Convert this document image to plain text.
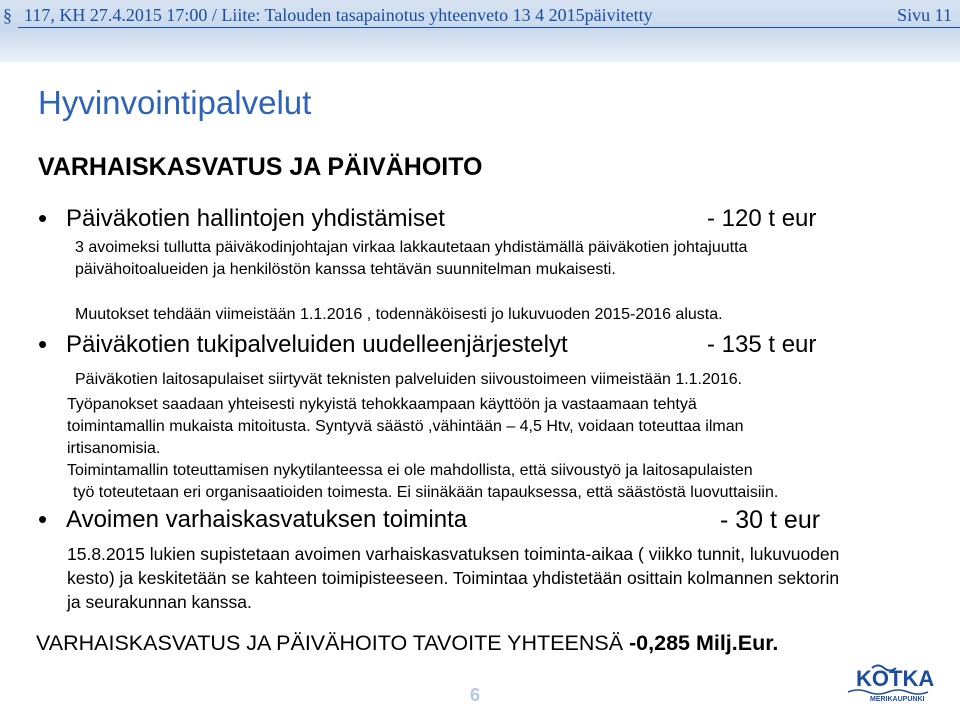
§ 117, KH 27.4.2015 17:00 / Liite: Talouden tasapainotus yhteenveto 13 4 2015päivitetty	Sivu 11
Hyvinvointipalvelut
VARHAISKASVATUS JA PÄIVÄHOITO
• Päiväkotien hallintojen yhdistämiset	- 120 t eur
3 avoimeksi tullutta päiväkodinjohtajan virkaa lakkautetaan yhdistämällä päiväkotien johtajuutta
päivähoitoalueiden ja henkilöstön kanssa tehtävän suunnitelman mukaisesti.
Muutokset tehdään viimeistään 1.1.2016 , todennäköisesti jo lukuvuoden 2015-2016 alusta.
• Päiväkotien tukipalveluiden uudelleenjärjestelyt	- 135 t eur
Päiväkotien laitosapulaiset siirtyvät teknisten palveluiden siivoustoimeen viimeistään 1.1.2016.
Työpanokset saadaan yhteisesti nykyistä tehokkaampaan käyttöön ja vastaamaan tehtyä
toimintamallin mukaista mitoitusta. Syntyvä säästö ,vähintään – 4,5 Htv, voidaan toteuttaa ilman
irtisanomisia.
Toimintamallin toteuttamisen nykytilanteessa ei ole mahdollista, että siivoustyö ja laitosapulaisten
työ toteutetaan eri organisaatioiden toimesta. Ei siinäkään tapauksessa, että säästöstä luovuttaisiin.
• Avoimen varhaiskasvatuksen toiminta	- 30 t eur
15.8.2015 lukien supistetaan avoimen varhaiskasvatuksen toiminta-aikaa ( viikko tunnit, lukuvuoden
kesto) ja keskitetään se kahteen toimipisteeseen. Toimintaa yhdistetään osittain kolmannen sektorin
ja seurakunnan kanssa.
VARHAISKASVATUS JA PÄIVÄHOITO TAVOITE YHTEENSÄ -0,285 Milj.Eur.
6
KOTKA
MERIKAUPUNKI
